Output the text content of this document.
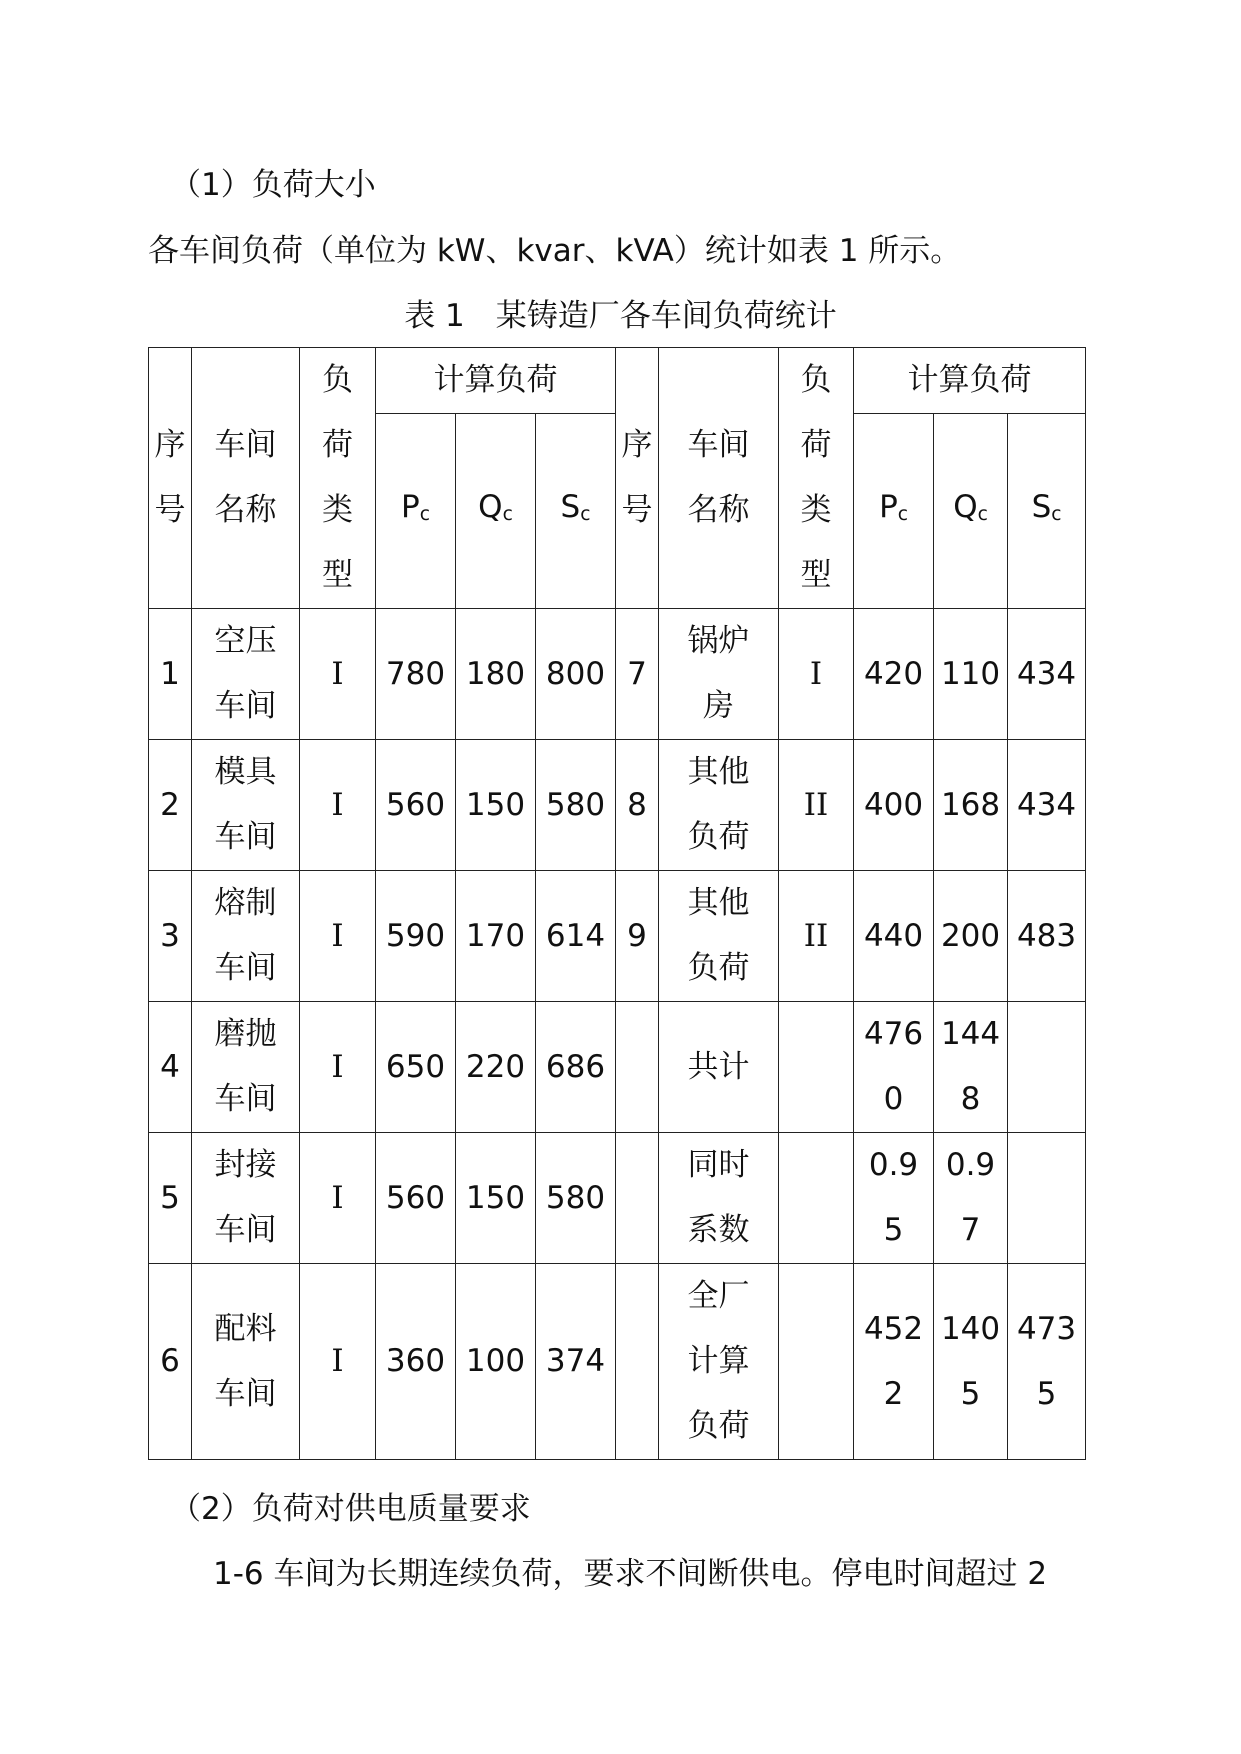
（1）负荷大小

各车间负荷（单位为 kW、kvar、kVA）统计如表 1 所示。

表 1　某铸造厂各车间负荷统计

序号	车间名称	负荷类型	计算负荷			序号	车间名称	负荷类型	计算负荷		
			$P_c$	$Q_c$	$S_c$				$P_c$	$Q_c$	$S_c$
1	空压车间	I	780	180	800	7	锅炉房	I	420	110	434

2	模具车间	I	560	150	580	8	其他负荷	II	400	168	434

3	熔制车间	I	590	170	614	9	其他负荷	II	440	200	483

4	磨抛车间	I	650	220	686		共计		4760	1448	

5	封接车间	I	560	150	580		同时系数		0.95	0.97	

6	配料车间	I	360	100	374		全厂计算负荷		4522	1405	4735

（2）负荷对供电质量要求

1-6 车间为长期连续负荷，要求不间断供电。停电时间超过 2
